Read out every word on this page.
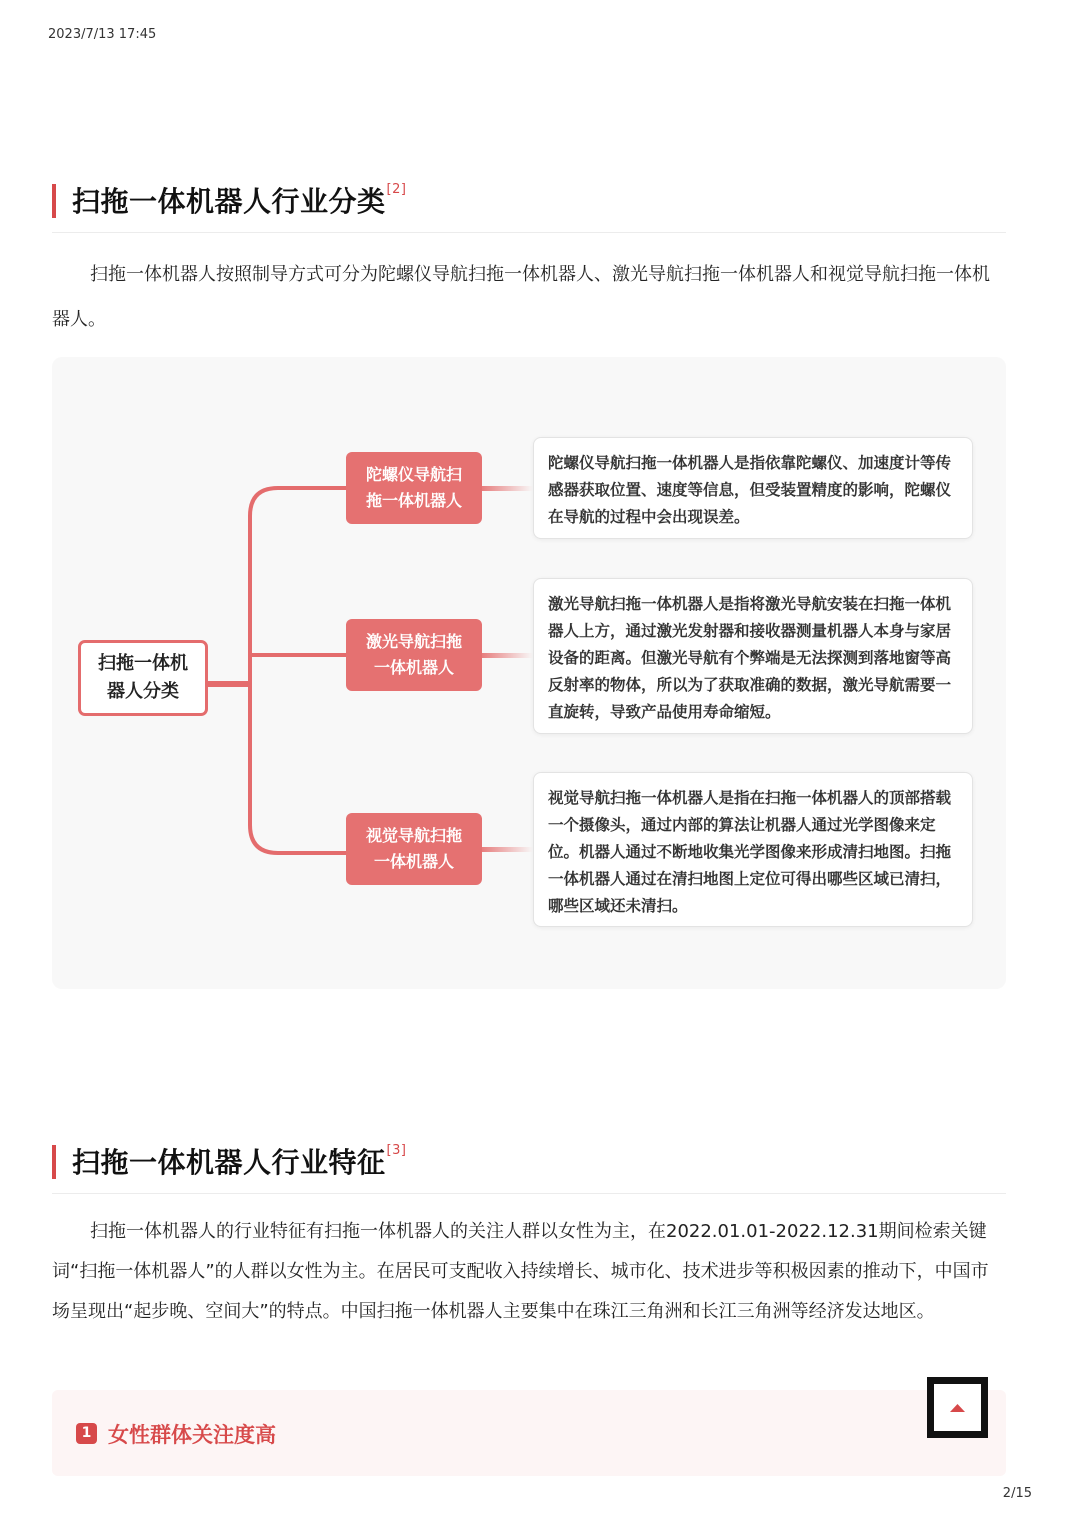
2023/7/13 17:45
扫拖一体机器人行业分类[2]
扫拖一体机器人按照制导方式可分为陀螺仪导航扫拖一体机器人、激光导航扫拖一体机器人和视觉导航扫拖一体机器人。
扫拖一体机器人分类
陀螺仪导航扫拖一体机器人
激光导航扫拖一体机器人
视觉导航扫拖一体机器人
陀螺仪导航扫拖一体机器人是指依靠陀螺仪、加速度计等传感器获取位置、速度等信息，但受装置精度的影响，陀螺仪在导航的过程中会出现误差。
激光导航扫拖一体机器人是指将激光导航安装在扫拖一体机器人上方，通过激光发射器和接收器测量机器人本身与家居设备的距离。但激光导航有个弊端是无法探测到落地窗等高反射率的物体，所以为了获取准确的数据，激光导航需要一直旋转，导致产品使用寿命缩短。
视觉导航扫拖一体机器人是指在扫拖一体机器人的顶部搭载一个摄像头，通过内部的算法让机器人通过光学图像来定位。机器人通过不断地收集光学图像来形成清扫地图。扫拖一体机器人通过在清扫地图上定位可得出哪些区域已清扫，哪些区域还未清扫。
扫拖一体机器人行业特征[3]
扫拖一体机器人的行业特征有扫拖一体机器人的关注人群以女性为主，在2022.01.01-2022.12.31期间检索关键词“扫拖一体机器人”的人群以女性为主。在居民可支配收入持续增长、城市化、技术进步等积极因素的推动下，中国市场呈现出“起步晚、空间大”的特点。中国扫拖一体机器人主要集中在珠江三角洲和长江三角洲等经济发达地区。
1 女性群体关注度高
2/15
